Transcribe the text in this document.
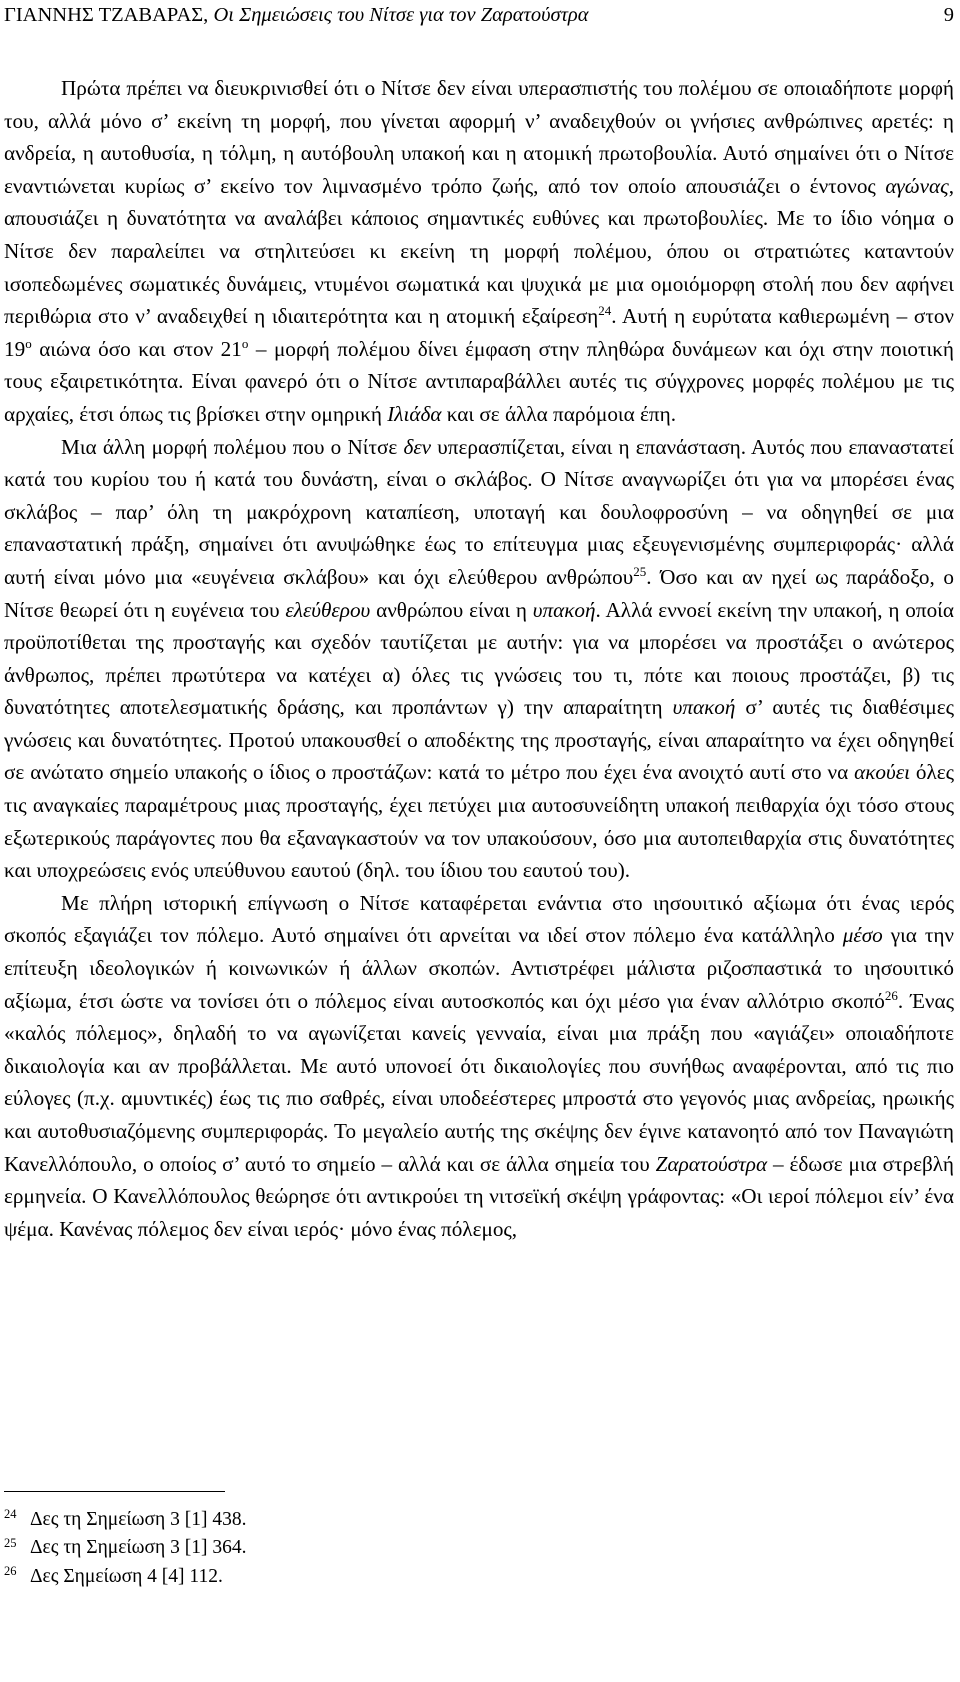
ΓΙΑΝΝΗΣ ΤΖΑΒΑΡΑΣ, Οι Σημειώσεις του Νίτσε για τον Ζαρατούστρα	9

Πρώτα πρέπει να διευκρινισθεί ότι ο Νίτσε δεν είναι υπερασπιστής του πολέμου σε οποιαδήποτε μορφή του, αλλά μόνο σ’ εκείνη τη μορφή, που γίνεται αφορμή ν’ αναδειχθούν οι γνήσιες ανθρώπινες αρετές: η ανδρεία, η αυτοθυσία, η τόλμη, η αυτόβουλη υπακοή και η ατομική πρωτοβουλία. Αυτό σημαίνει ότι ο Νίτσε εναντιώνεται κυρίως σ’ εκείνο τον λιμνασμένο τρόπο ζωής, από τον οποίο απουσιάζει ο έντονος αγώνας, απουσιάζει η δυνατότητα να αναλάβει κάποιος σημαντικές ευθύνες και πρωτοβουλίες. Με το ίδιο νόημα ο Νίτσε δεν παραλείπει να στηλιτεύσει κι εκείνη τη μορφή πολέμου, όπου οι στρατιώτες καταντούν ισοπεδωμένες σωματικές δυνάμεις, ντυμένοι σωματικά και ψυχικά με μια ομοιόμορφη στολή που δεν αφήνει περιθώρια στο ν’ αναδειχθεί η ιδιαιτερότητα και η ατομική εξαίρεση$^{24}$. Αυτή η ευρύτατα καθιερωμένη – στον $19^o$ αιώνα όσο και στον $21^o$ – μορφή πολέμου δίνει έμφαση στην πληθώρα δυνάμεων και όχι στην ποιοτική τους εξαιρετικότητα. Είναι φανερό ότι ο Νίτσε αντιπαραβάλλει αυτές τις σύγχρονες μορφές πολέμου με τις αρχαίες, έτσι όπως τις βρίσκει στην ομηρική Ιλιάδα και σε άλλα παρόμοια έπη.

Μια άλλη μορφή πολέμου που ο Νίτσε δεν υπερασπίζεται, είναι η επανάσταση. Αυτός που επαναστατεί κατά του κυρίου του ή κατά του δυνάστη, είναι ο σκλάβος. Ο Νίτσε αναγνωρίζει ότι για να μπορέσει ένας σκλάβος – παρ’ όλη τη μακρόχρονη καταπίεση, υποταγή και δουλοφροσύνη – να οδηγηθεί σε μια επαναστατική πράξη, σημαίνει ότι ανυψώθηκε έως το επίτευγμα μιας εξευγενισμένης συμπεριφοράς· αλλά αυτή είναι μόνο μια «ευγένεια σκλάβου» και όχι ελεύθερου ανθρώπου$^{25}$. Όσο και αν ηχεί ως παράδοξο, ο Νίτσε θεωρεί ότι η ευγένεια του ελεύθερου ανθρώπου είναι η υπακοή. Αλλά εννοεί εκείνη την υπακοή, η οποία προϋποτίθεται της προσταγής και σχεδόν ταυτίζεται με αυτήν: για να μπορέσει να προστάξει ο ανώτερος άνθρωπος, πρέπει πρωτύτερα να κατέχει α) όλες τις γνώσεις του τι, πότε και ποιους προστάζει, β) τις δυνατότητες αποτελεσματικής δράσης, και προπάντων γ) την απαραίτητη υπακοή σ’ αυτές τις διαθέσιμες γνώσεις και δυνατότητες. Προτού υπακουσθεί ο αποδέκτης της προσταγής, είναι απαραίτητο να έχει οδηγηθεί σε ανώτατο σημείο υπακοής ο ίδιος ο προστάζων: κατά το μέτρο που έχει ένα ανοιχτό αυτί στο να ακούει όλες τις αναγκαίες παραμέτρους μιας προσταγής, έχει πετύχει μια αυτοσυνείδητη υπακοή πειθαρχία όχι τόσο στους εξωτερικούς παράγοντες που θα εξαναγκαστούν να τον υπακούσουν, όσο μια αυτοπειθαρχία στις δυνατότητες και υποχρεώσεις ενός υπεύθυνου εαυτού (δηλ. του ίδιου του εαυτού του).

Με πλήρη ιστορική επίγνωση ο Νίτσε καταφέρεται ενάντια στο ιησουιτικό αξίωμα ότι ένας ιερός σκοπός εξαγιάζει τον πόλεμο. Αυτό σημαίνει ότι αρνείται να ιδεί στον πόλεμο ένα κατάλληλο μέσο για την επίτευξη ιδεολογικών ή κοινωνικών ή άλλων σκοπών. Αντιστρέφει μάλιστα ριζοσπαστικά το ιησουιτικό αξίωμα, έτσι ώστε να τονίσει ότι ο πόλεμος είναι αυτοσκοπός και όχι μέσο για έναν αλλότριο σκοπό$^{26}$. Ένας «καλός πόλεμος», δηλαδή το να αγωνίζεται κανείς γενναία, είναι μια πράξη που «αγιάζει» οποιαδήποτε δικαιολογία και αν προβάλλεται. Με αυτό υπονοεί ότι δικαιολογίες που συνήθως αναφέρονται, από τις πιο εύλογες (π.χ. αμυντικές) έως τις πιο σαθρές, είναι υποδεέστερες μπροστά στο γεγονός μιας ανδρείας, ηρωικής και αυτοθυσιαζόμενης συμπεριφοράς. Το μεγαλείο αυτής της σκέψης δεν έγινε κατανοητό από τον Παναγιώτη Κανελλόπουλο, ο οποίος σ’ αυτό το σημείο – αλλά και σε άλλα σημεία του Ζαρατούστρα – έδωσε μια στρεβλή ερμηνεία. Ο Κανελλόπουλος θεώρησε ότι αντικρούει τη νιτσεϊκή σκέψη γράφοντας: «Οι ιεροί πόλεμοι είν’ ένα ψέμα. Κανένας πόλεμος δεν είναι ιερός· μόνο ένας πόλεμος,

24 Δες τη Σημείωση 3 [1] 438.
25 Δες τη Σημείωση 3 [1] 364.
26 Δες Σημείωση 4 [4] 112.
